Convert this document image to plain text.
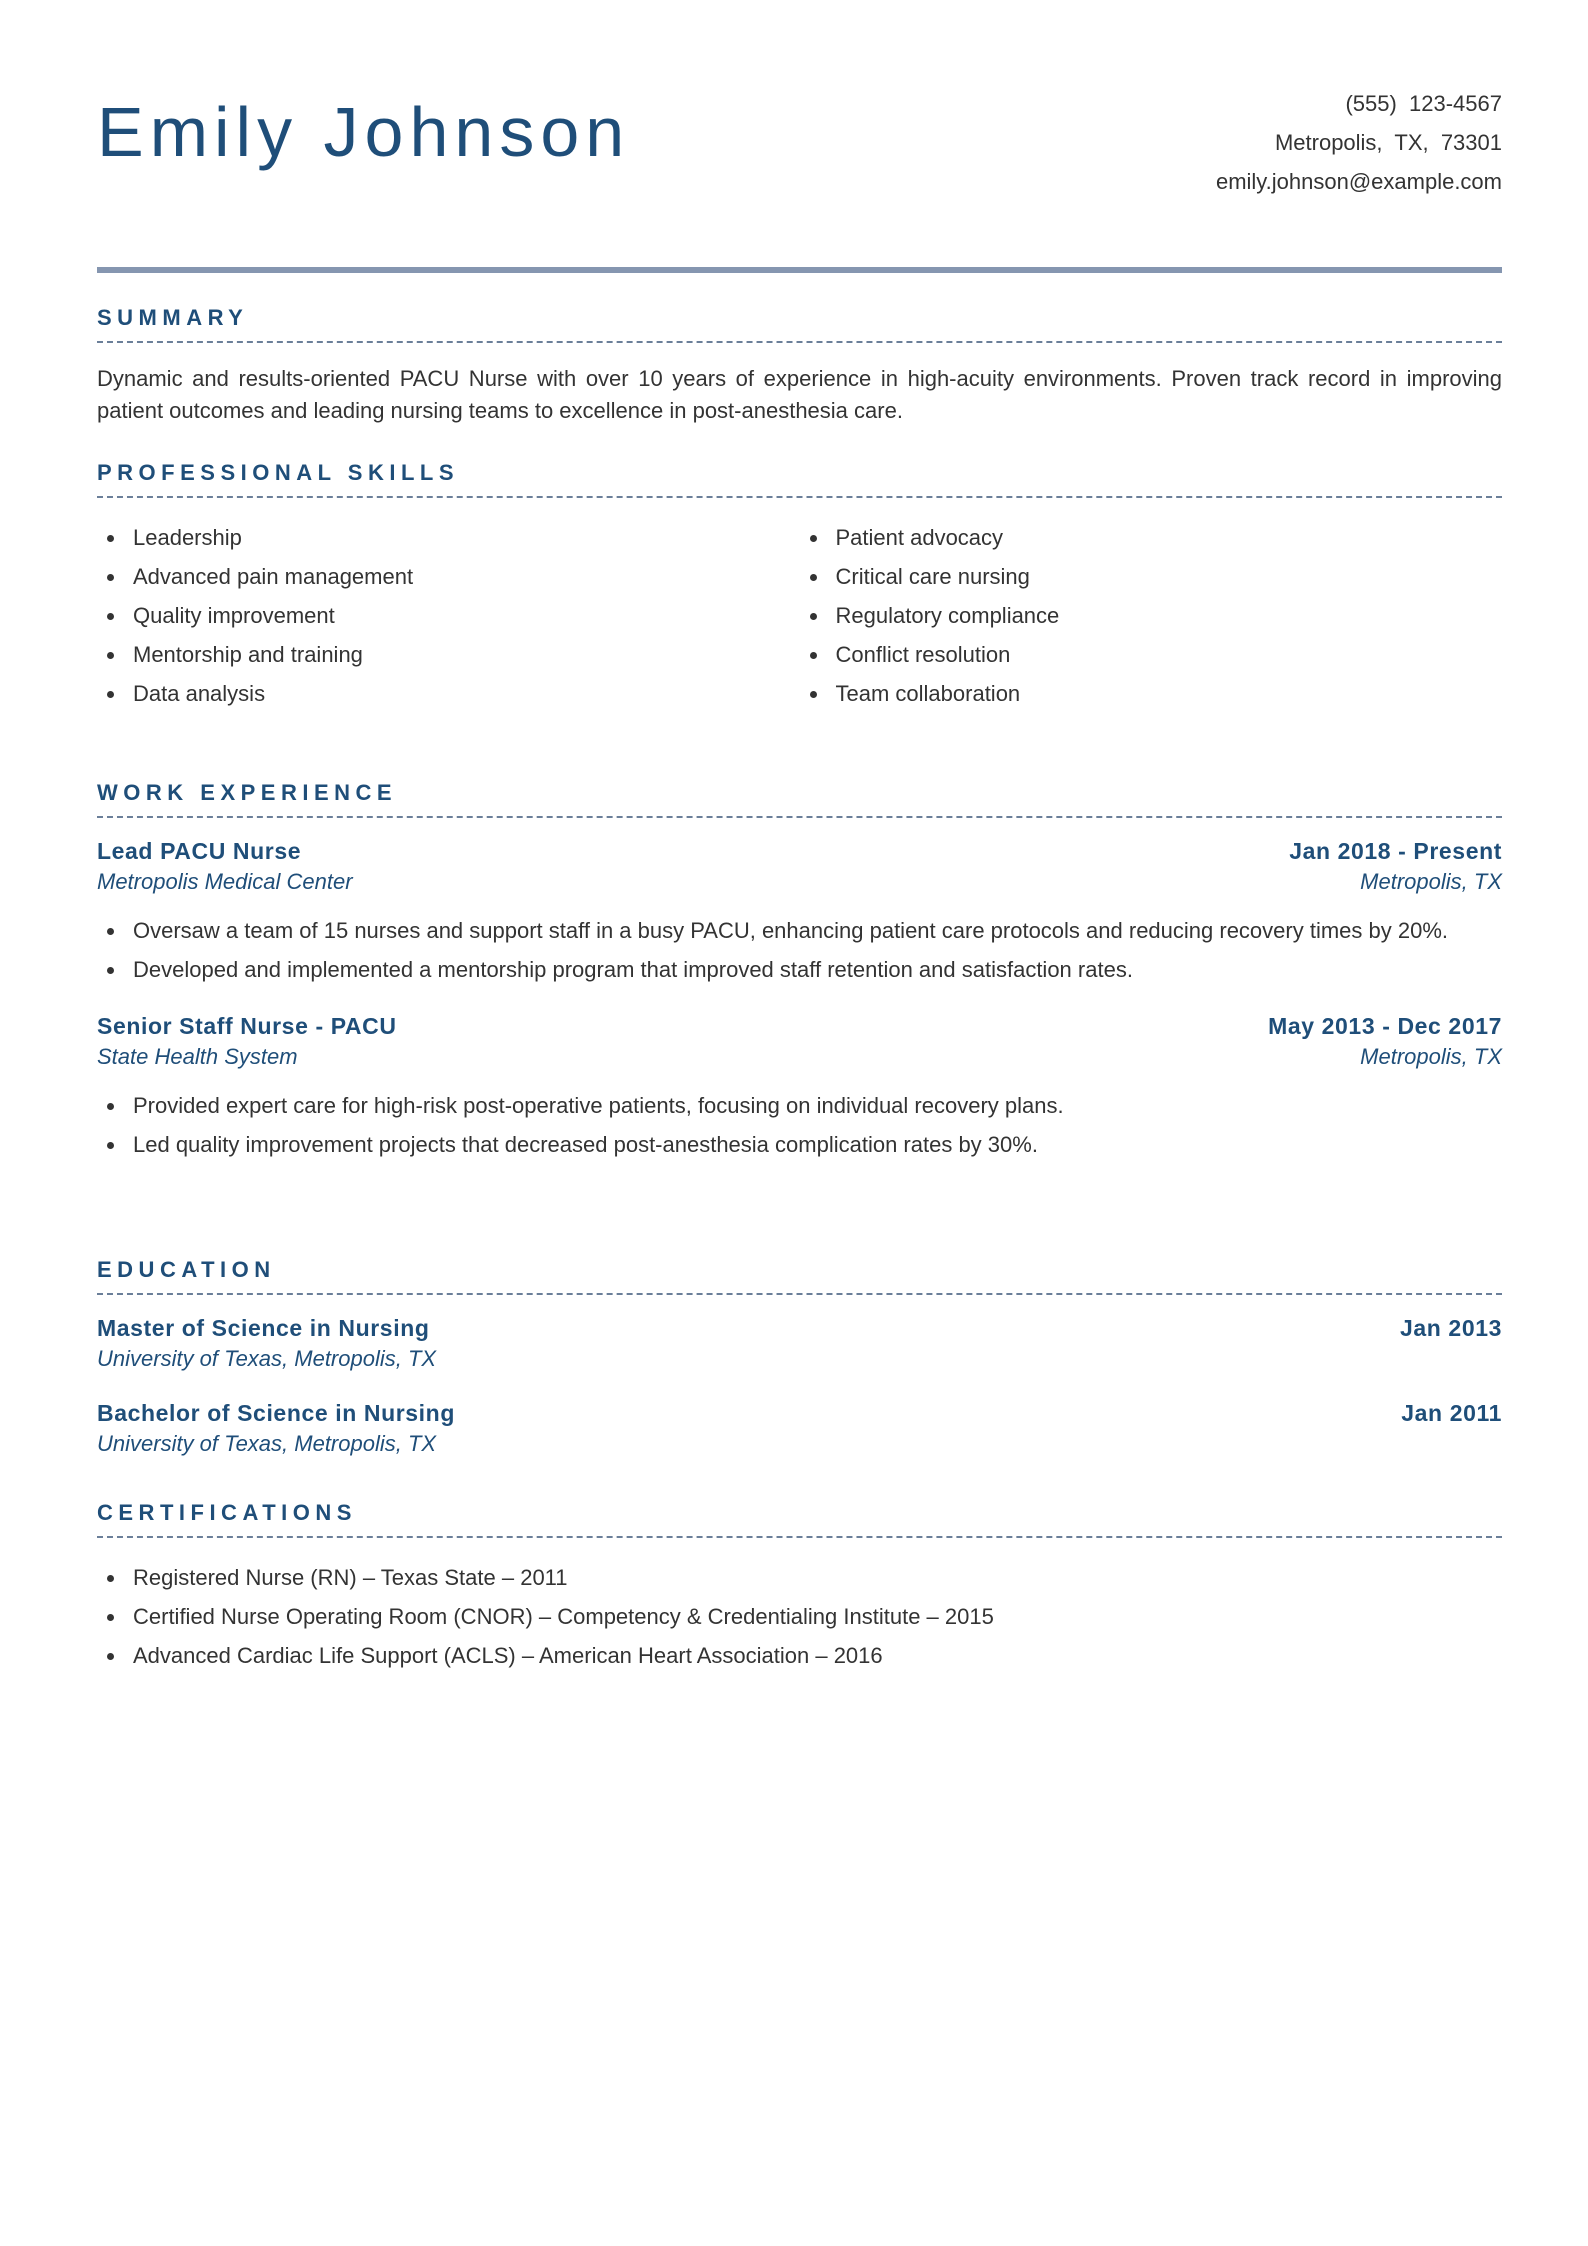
Emily Johnson	(555)  123-4567
Metropolis,  TX,  73301
emily.johnson@example.com
SUMMARY

Dynamic and results-oriented PACU Nurse with over 10 years of experience in high-acuity environments. Proven track record in improving patient outcomes and leading nursing teams to excellence in post-anesthesia care.

PROFESSIONAL SKILLS
Leadership
Advanced pain management
Quality improvement
Mentorship and training
Data analysis
Patient advocacy
Critical care nursing
Regulatory compliance
Conflict resolution
Team collaboration
WORK EXPERIENCE
Lead PACU Nurse	Jan 2018 - Present
Metropolis Medical Center	Metropolis, TX
Oversaw a team of 15 nurses and support staff in a busy PACU, enhancing patient care protocols and reducing recovery times by 20%.
Developed and implemented a mentorship program that improved staff retention and satisfaction rates.
Senior Staff Nurse - PACU	May 2013 - Dec 2017
State Health System	Metropolis, TX
Provided expert care for high-risk post-operative patients, focusing on individual recovery plans.
Led quality improvement projects that decreased post-anesthesia complication rates by 30%.
EDUCATION
Master of Science in Nursing	Jan 2013
University of Texas, Metropolis, TX
Bachelor of Science in Nursing	Jan 2011
University of Texas, Metropolis, TX
CERTIFICATIONS
Registered Nurse (RN) – Texas State – 2011
Certified Nurse Operating Room (CNOR) – Competency & Credentialing Institute – 2015
Advanced Cardiac Life Support (ACLS) – American Heart Association – 2016
